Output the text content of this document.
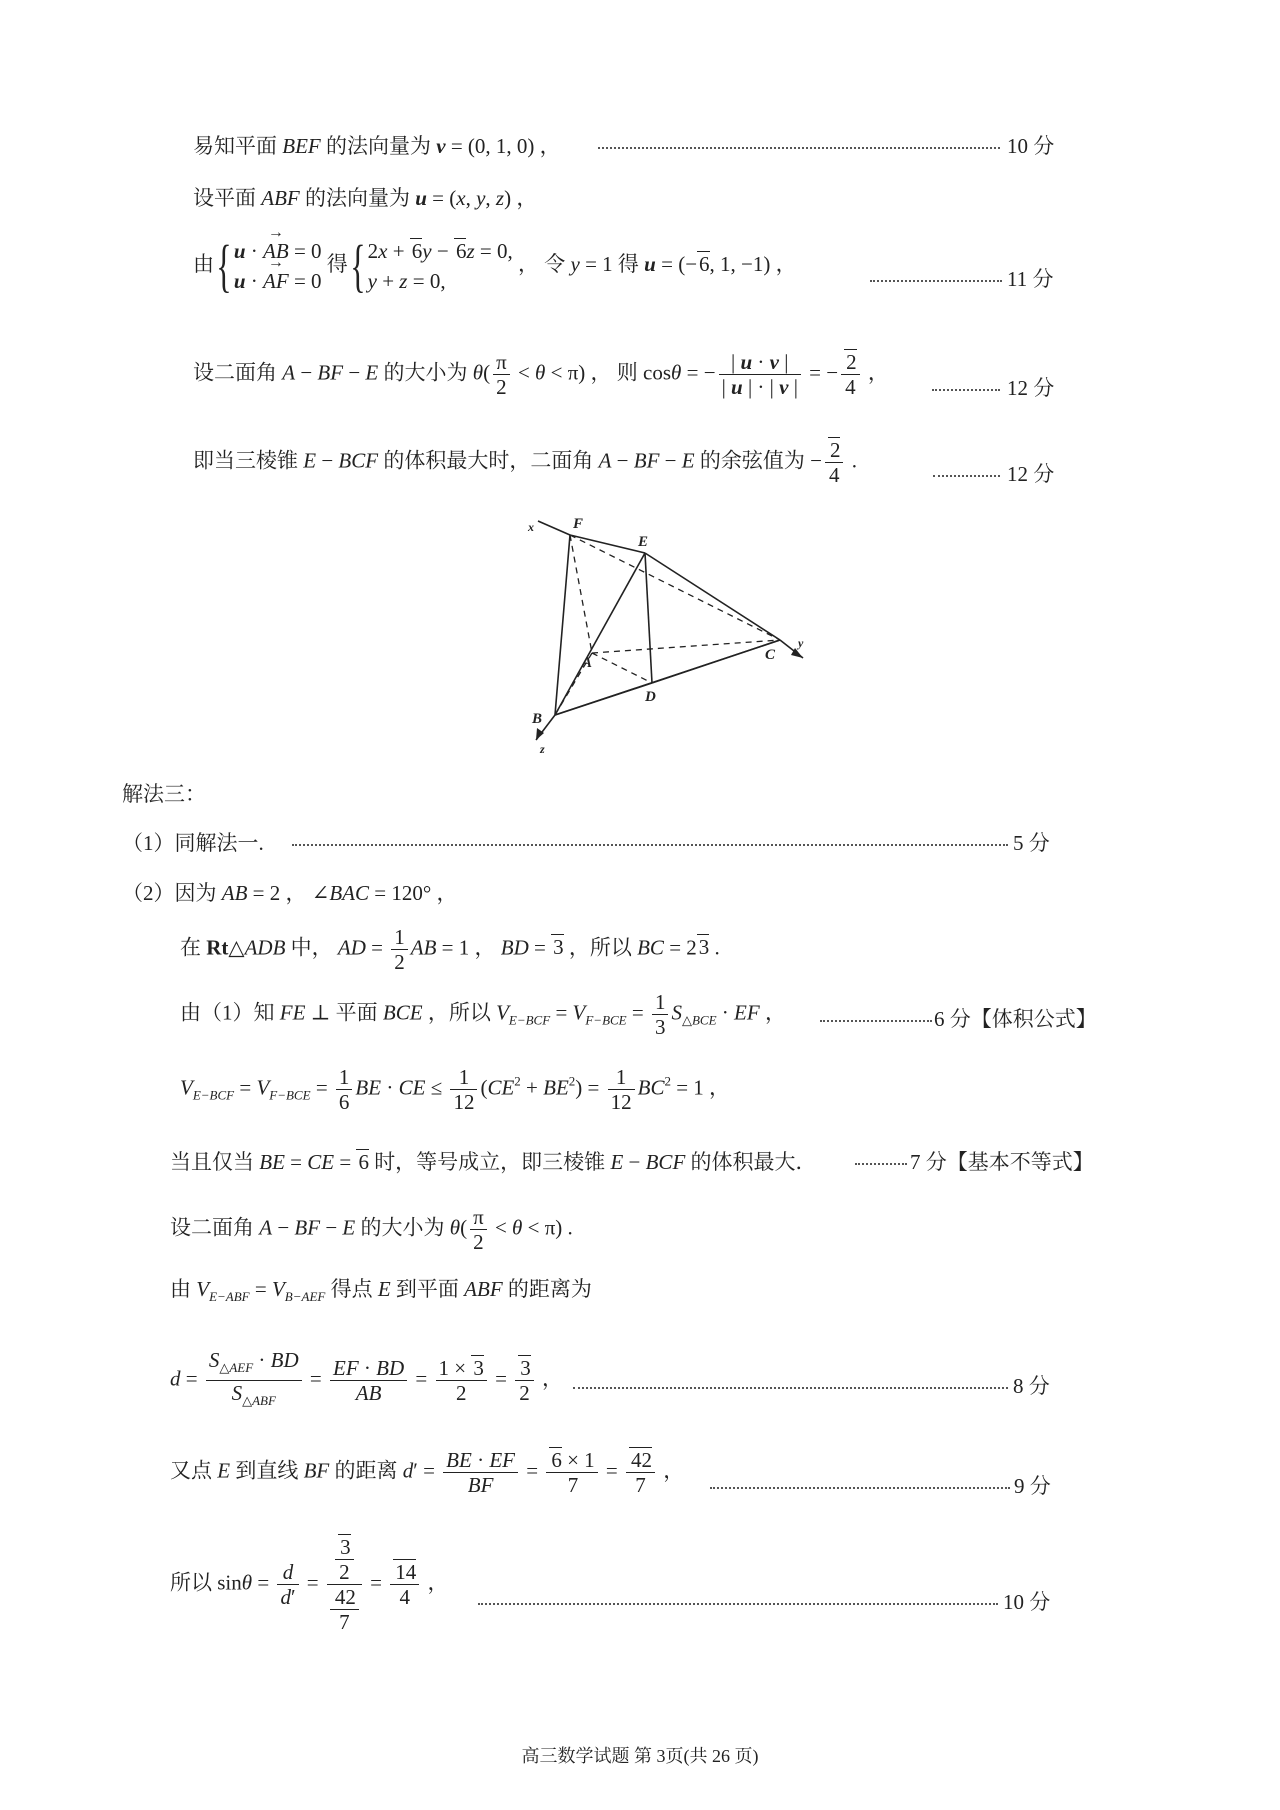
易知平面 BEF 的法向量为 v = (0, 1, 0) ，	10 分
设平面 ABF 的法向量为 u = (x, y, z) ，
由{ u · → AB = 0
u · → AF = 0 得{ 2x + 6y − 6z = 0,
y + z = 0, ， 令 y = 1 得 u = (−6, 1, −1) ，
11 分
设二面角 A − BF − E 的大小为 $\theta( \frac{\pi}{2} < \theta < \pi)$ ， 则 cosθ = − $\frac{| u \cdot v |}{| u | \cdot | v |}$ = − $\frac{2}{4}$ ，
12 分
即当三棱锥 E − BCF 的体积最大时，二面角 A − BF − E 的余弦值为 − $\frac{2}{4}$ .
12 分
F
E
A
B
C
D
x
y
z
解法三：
（1）同解法一.	5 分
（2）因为 AB = 2 ， ∠BAC = 120° ，
在 Rt△ADB 中， AD = $\frac{1}{2}$ AB = 1 ， BD = 3 ，所以 BC = 23 .
由（1）知 FE ⊥ 平面 BCE ，所以 $V_{E-BCF} = V_{F-BCE} = \frac{1}{3} S_{\triangle BCE}$ · EF ，	6 分【体积公式】
$V_{E-BCF} = V_{F-BCE} = \frac{1}{6}$ BE · CE ≤ $\frac{1}{12} (CE^2 + BE^2) = \frac{1}{12} BC^2 = 1$ ，
当且仅当 BE = CE = 6 时，等号成立，即三棱锥 E − BCF 的体积最大．	7 分【基本不等式】
设二面角 A − BF − E 的大小为 $\theta( \frac{\pi}{2} < \theta < \pi)$ .
由 $V_{E-ABF} = V_{B-AEF}$ 得点 E 到平面 ABF 的距离为
$d = \frac{S_{\triangle AEF} \cdot BD}{S_{\triangle ABF}} = \frac{EF \cdot BD}{AB} = \frac{1 \times 3}{2} = \frac{3}{2}$ ，	8 分
又点 E 到直线 BF 的距离 $d' = \frac{BE \cdot EF}{BF} = \frac{6 \times 1}{7} = \frac{42}{7}$ ，
9 分
所以 $\sin\theta = \frac{d}{d'} = \frac{\frac{3}{2}}{\frac{42}{7}} = \frac{14}{4}$ ，
10 分
高三数学试题 第 3页(共 26 页)
